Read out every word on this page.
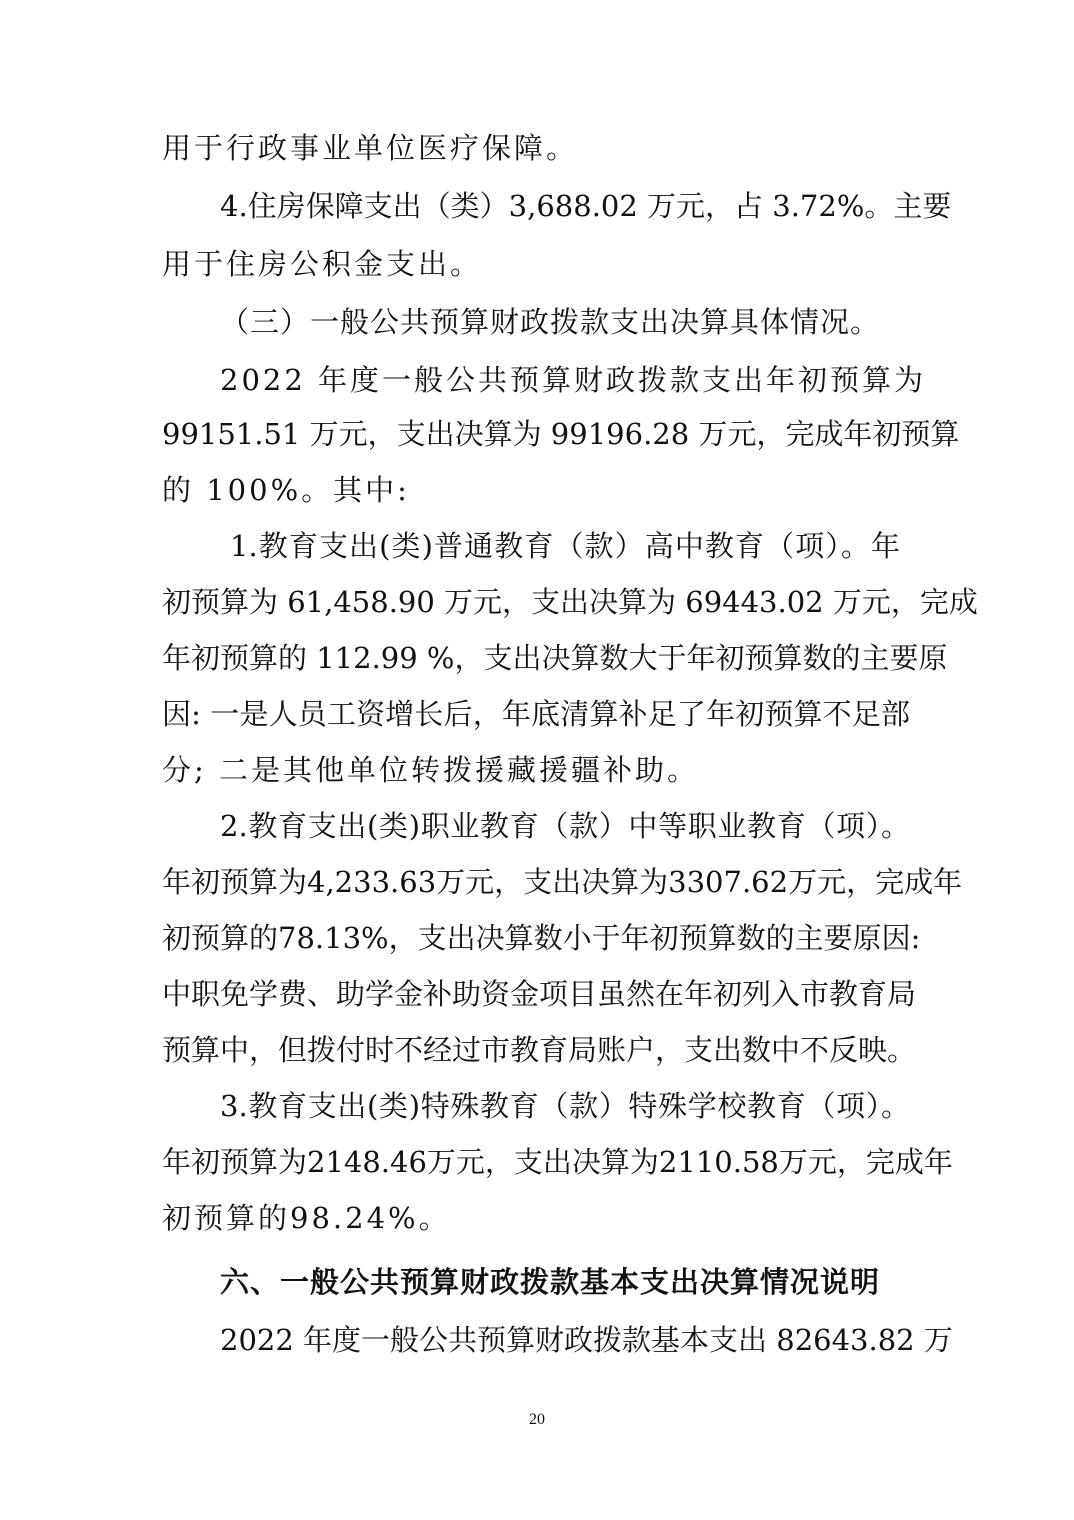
用于行政事业单位医疗保障。
4.住房保障支出（类）3,688.02 万元，占 3.72%。主要
用于住房公积金支出。
（三）一般公共预算财政拨款支出决算具体情况。
2022 年度一般公共预算财政拨款支出年初预算为
99151.51 万元，支出决算为 99196.28 万元，完成年初预算
的 100%。其中:
1.教育支出(类)普通教育（款）高中教育（项）。年
初预算为 61,458.90 万元，支出决算为 69443.02 万元，完成
年初预算的 112.99 %，支出决算数大于年初预算数的主要原
因: 一是人员工资增长后，年底清算补足了年初预算不足部
分; 二是其他单位转拨援藏援疆补助。
2.教育支出(类)职业教育（款）中等职业教育（项）。
年初预算为4,233.63万元，支出决算为3307.62万元，完成年
初预算的78.13%，支出决算数小于年初预算数的主要原因:
中职免学费、助学金补助资金项目虽然在年初列入市教育局
预算中，但拨付时不经过市教育局账户，支出数中不反映。
3.教育支出(类)特殊教育（款）特殊学校教育（项）。
年初预算为2148.46万元，支出决算为2110.58万元，完成年
初预算的98.24%。
六、一般公共预算财政拨款基本支出决算情况说明
2022 年度一般公共预算财政拨款基本支出 82643.82 万
20
